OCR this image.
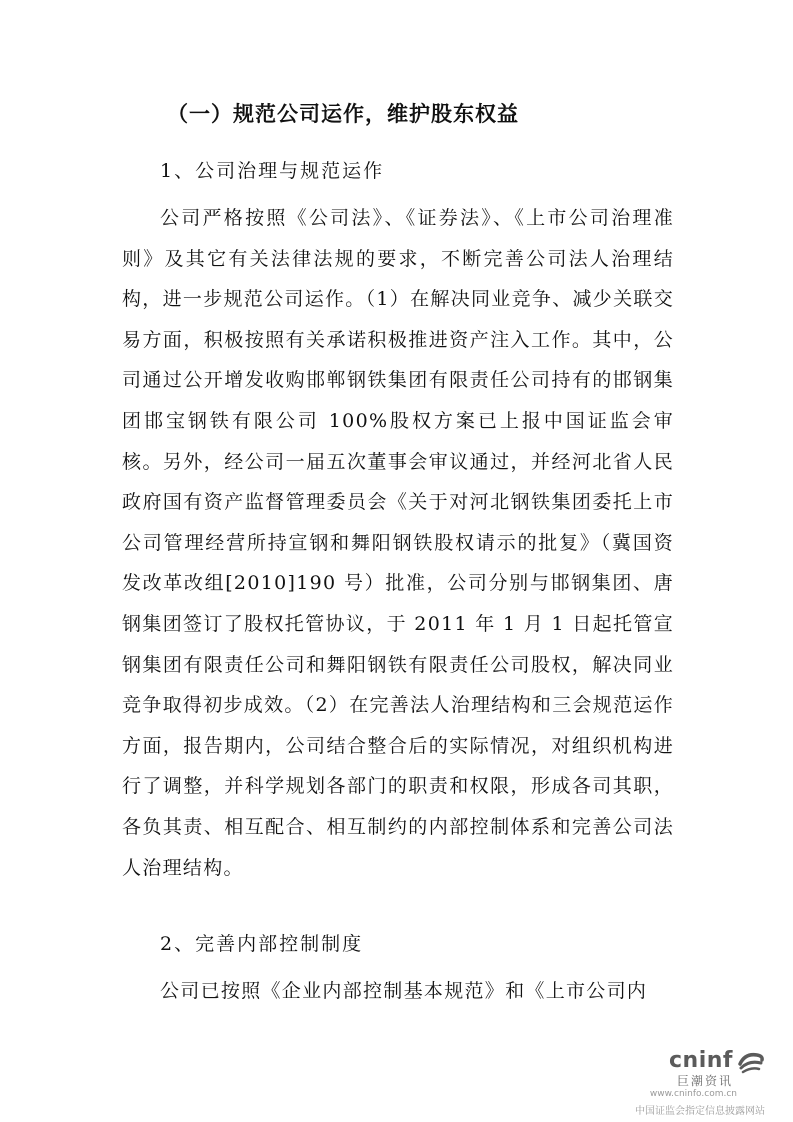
（一）规范公司运作，维护股东权益

1、公司治理与规范运作

公司严格按照《公司法》、《证券法》、《上市公司治理准则》及其它有关法律法规的要求，不断完善公司法人治理结构，进一步规范公司运作。（1）在解决同业竞争、减少关联交易方面，积极按照有关承诺积极推进资产注入工作。其中，公司通过公开增发收购邯郸钢铁集团有限责任公司持有的邯钢集团邯宝钢铁有限公司 100%股权方案已上报中国证监会审核。另外，经公司一届五次董事会审议通过，并经河北省人民政府国有资产监督管理委员会《关于对河北钢铁集团委托上市公司管理经营所持宣钢和舞阳钢铁股权请示的批复》（冀国资发改革改组[2010]190 号）批准，公司分别与邯钢集团、唐钢集团签订了股权托管协议，于 2011 年 1 月 1 日起托管宣钢集团有限责任公司和舞阳钢铁有限责任公司股权，解决同业竞争取得初步成效。（2）在完善法人治理结构和三会规范运作方面，报告期内，公司结合整合后的实际情况，对组织机构进行了调整，并科学规划各部门的职责和权限，形成各司其职，各负其责、相互配合、相互制约的内部控制体系和完善公司法人治理结构。

2、完善内部控制制度

公司已按照《企业内部控制基本规范》和《上市公司内

cninf
巨潮资讯
www.cninfo.com.cn
中国证监会指定信息披露网站
